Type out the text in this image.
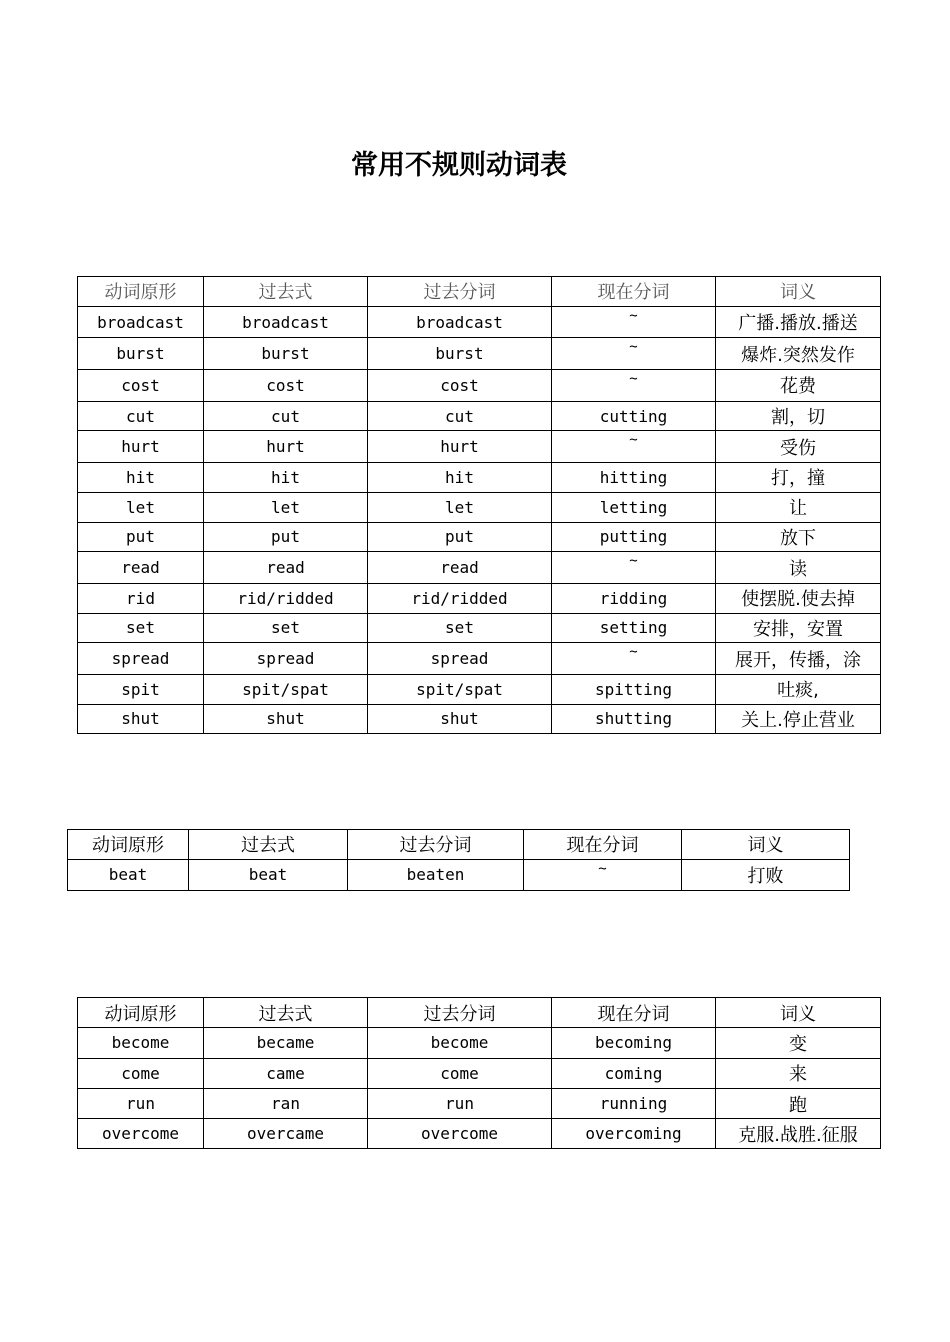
常用不规则动词表
动词原形	过去式	过去分词	现在分词	词义
broadcast	broadcast	broadcast	~	广播.播放.播送
burst	burst	burst	~	爆炸.突然发作
cost	cost	cost	~	花费
cut	cut	cut	cutting	割，切
hurt	hurt	hurt	~	受伤
hit	hit	hit	hitting	打，撞
let	let	let	letting	让
put	put	put	putting	放下
read	read	read	~	读
rid	rid/ridded	rid/ridded	ridding	使摆脱.使去掉
set	set	set	setting	安排，安置
spread	spread	spread	~	展开，传播，涂
spit	spit/spat	spit/spat	spitting	吐痰,
shut	shut	shut	shutting	关上.停止营业
动词原形	过去式	过去分词	现在分词	词义
beat	beat	beaten	~	打败
动词原形	过去式	过去分词	现在分词	词义
become	became	become	becoming	变
come	came	come	coming	来
run	ran	run	running	跑
overcome	overcame	overcome	overcoming	克服.战胜.征服
